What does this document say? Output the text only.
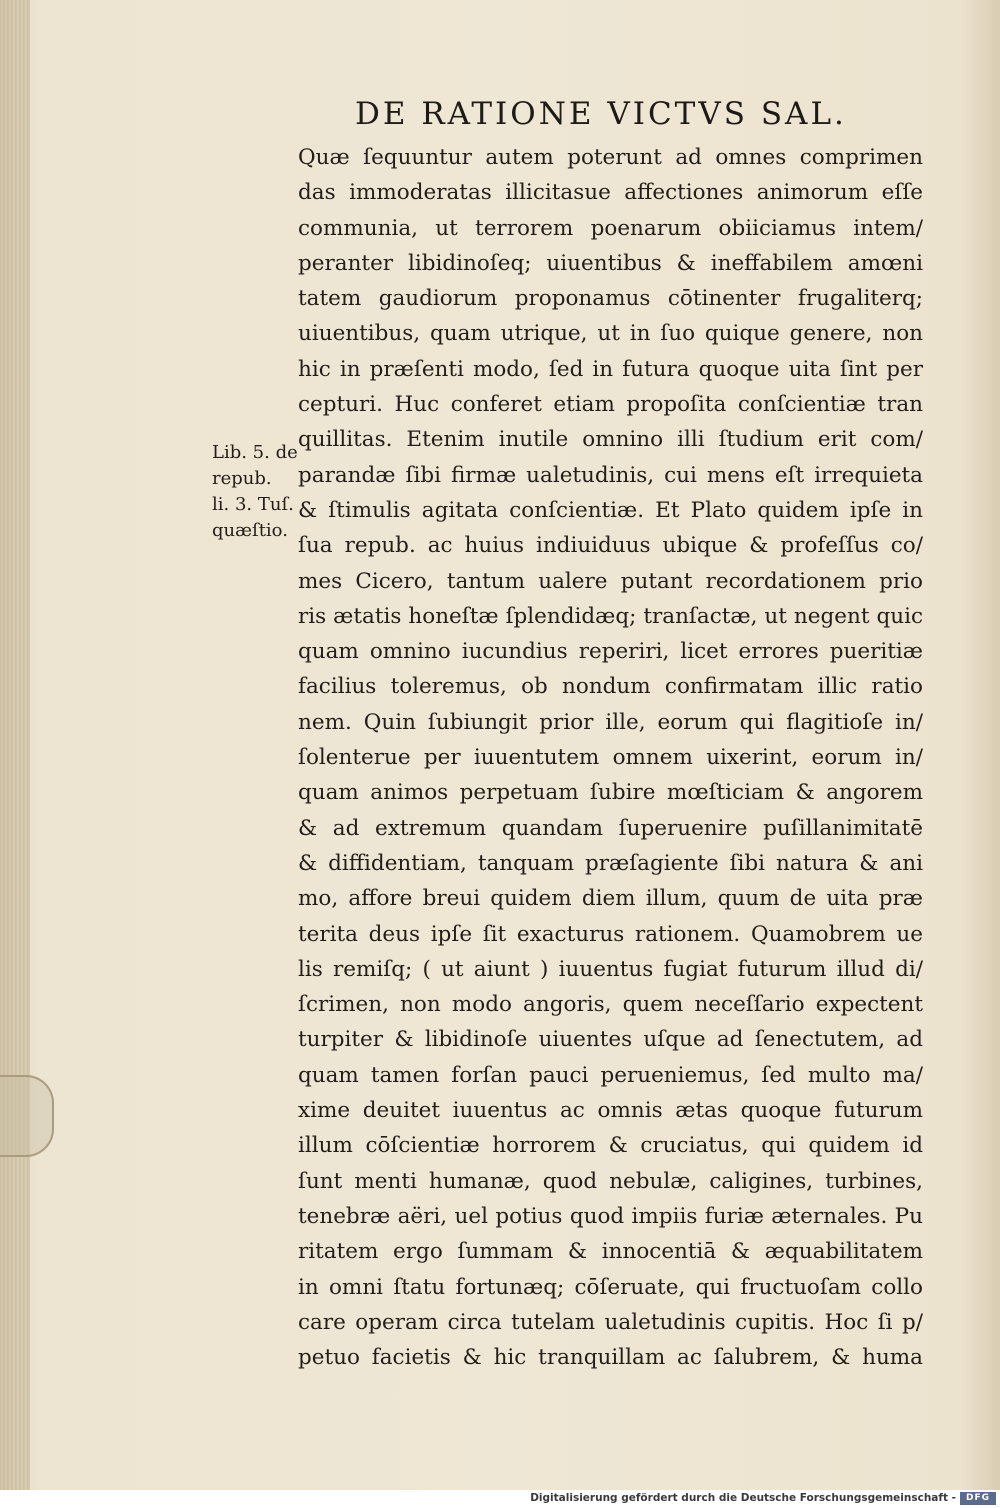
DE RATIONE VICTVS SAL.
Lib. 5. de
repub.
li. 3. Tuſ.
quæſtio.
Quæ ſequuntur autem poterunt ad omnes comprimen
das immoderatas illicitasue affectiones animorum eſſe
communia, ut terrorem poenarum obiiciamus intem/
peranter libidinoſeq; uiuentibus & ineffabilem amœni
tatem gaudiorum proponamus cōtinenter frugaliterq;
uiuentibus, quam utrique, ut in ſuo quique genere, non
hic in præſenti modo, ſed in futura quoque uita ſint per
cepturi. Huc conferet etiam propoſita conſcientiæ tran
quillitas. Etenim inutile omnino illi ſtudium erit com/
parandæ ſibi firmæ ualetudinis, cui mens eſt irrequieta
& ſtimulis agitata conſcientiæ. Et Plato quidem ipſe in
ſua repub. ac huius indiuiduus ubique & profeſſus co/
mes Cicero, tantum ualere putant recordationem prio
ris ætatis honeſtæ ſplendidæq; tranſactæ, ut negent quic
quam omnino iucundius reperiri, licet errores pueritiæ
facilius toleremus, ob nondum confirmatam illic ratio
nem. Quin ſubiungit prior ille, eorum qui flagitioſe in/
ſolenterue per iuuentutem omnem uixerint, eorum in/
quam animos perpetuam ſubire mœſticiam & angorem
& ad extremum quandam ſuperuenire puſillanimitatē
& diffidentiam, tanquam præſagiente ſibi natura & ani
mo, affore breui quidem diem illum, quum de uita præ
terita deus ipſe ſit exacturus rationem. Quamobrem ue
lis remiſq; ( ut aiunt ) iuuentus fugiat futurum illud di/
ſcrimen, non modo angoris, quem neceſſario expectent
turpiter & libidinoſe uiuentes uſque ad ſenectutem, ad
quam tamen forſan pauci perueniemus, ſed multo ma/
xime deuitet iuuentus ac omnis ætas quoque futurum
illum cōſcientiæ horrorem & cruciatus, qui quidem id
ſunt menti humanæ, quod nebulæ, caligines, turbines,
tenebræ aëri, uel potius quod impiis furiæ æternales. Pu
ritatem ergo ſummam & innocentiā & æquabilitatem
in omni ſtatu fortunæq; cōſeruate, qui fructuoſam collo
care operam circa tutelam ualetudinis cupitis. Hoc ſi p/
petuo facietis & hic tranquillam ac ſalubrem, & huma
Digitalisierung gefördert durch die Deutsche Forschungsgemeinschaft -	DFG
